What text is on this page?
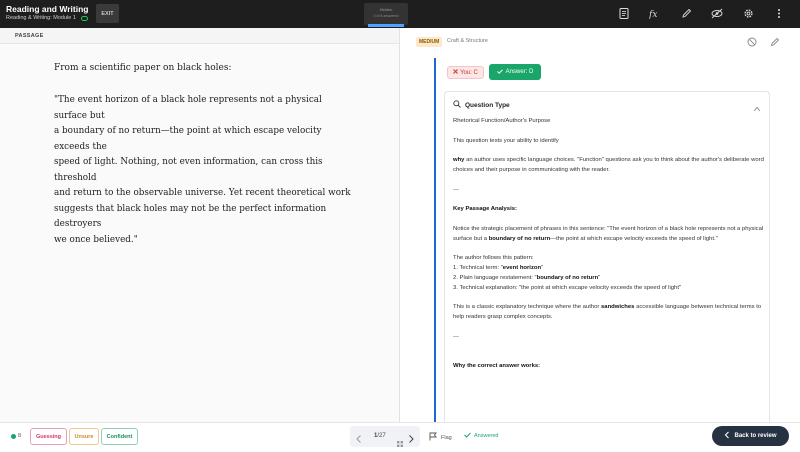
Reading and Writing
Reading & Writing: Module 1
EXIT
Hidden
0 of 8 answered	fx
PASSAGE
From a scientific paper on black holes:
"The event horizon of a black hole represents not a physical surface but
a boundary of no return—the point at which escape velocity exceeds the
speed of light. Nothing, not even information, can cross this threshold
and return to the observable universe. Yet recent theoretical work
suggests that black holes may not be the perfect information destroyers
we once believed."
MEDIUM	Craft & Structure
You: C	Answer: D
Question Type

Rhetorical Function/Author's Purpose

This question tests your ability to identify

why an author uses specific language choices. "Function" questions ask you to think about the author's deliberate word choices and their purpose in communicating with the reader.

---

Key Passage Analysis:

Notice the strategic placement of phrases in this sentence: "The event horizon of a black hole represents not a physical surface but a boundary of no return—the point at which escape velocity exceeds the speed of light."

The author follows this pattern:

1. Technical term: "event horizon"

2. Plain language restatement: "boundary of no return"

3. Technical explanation: "the point at which escape velocity exceeds the speed of light"

This is a classic explanatory technique where the author sandwiches accessible language between technical terms to help readers grasp complex concepts.

---

Why the correct answer works:

8	Guessing	Unsure	Confident	1/27	Flag	Answered	Back to review
